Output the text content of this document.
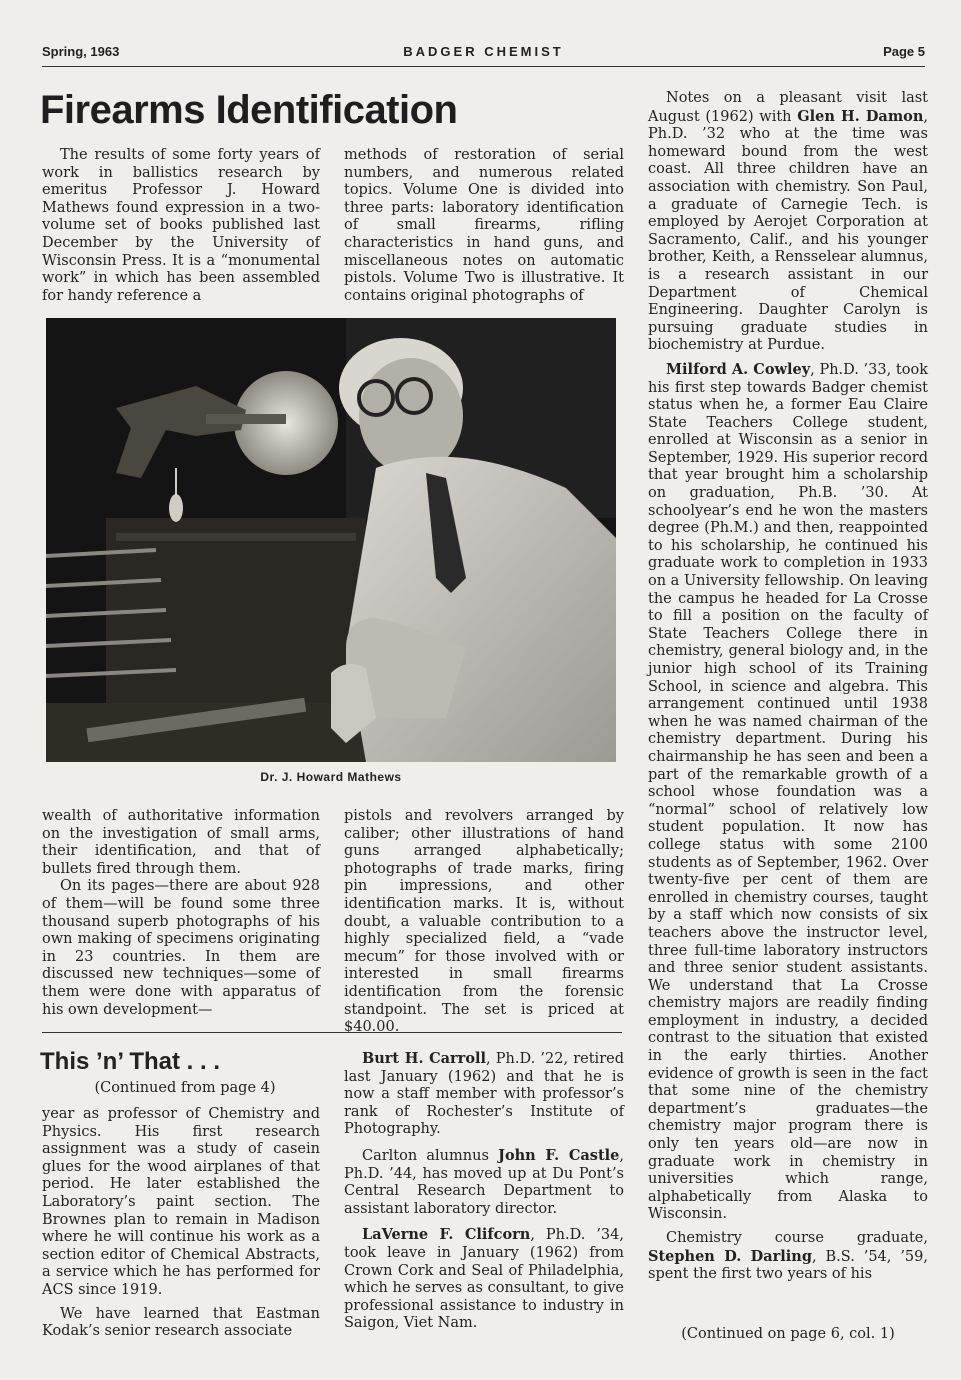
Spring, 1963	BADGER CHEMIST	Page 5
Firearms Identification

The results of some forty years of work in ballistics research by emeritus Professor J. Howard Mathews found expression in a two-volume set of books published last December by the University of Wisconsin Press. It is a “monumental work” in which has been assembled for handy reference a

methods of restoration of serial numbers, and numerous related topics. Volume One is divided into three parts: laboratory identification of small firearms, rifling characteristics in hand guns, and miscellaneous notes on automatic pistols. Volume Two is illustrative. It contains original photographs of

Dr. J. Howard Mathews

wealth of authoritative information on the investigation of small arms, their identification, and that of bullets fired through them.

On its pages—there are about 928 of them—will be found some three thousand superb photographs of his own making of specimens originating in 23 countries. In them are discussed new techniques—some of them were done with apparatus of his own development—

pistols and revolvers arranged by caliber; other illustrations of hand guns arranged alphabetically; photographs of trade marks, firing pin impressions, and other identification marks. It is, without doubt, a valuable contribution to a highly specialized field, a “vade mecum” for those involved with or interested in small firearms identification from the forensic standpoint. The set is priced at $40.00.

This ’n’ That . . .
(Continued from page 4)

year as professor of Chemistry and Physics. His first research assignment was a study of casein glues for the wood airplanes of that period. He later established the Laboratory’s paint section. The Brownes plan to remain in Madison where he will continue his work as a section editor of Chemical Abstracts, a service which he has performed for ACS since 1919.

We have learned that Eastman Kodak’s senior research associate

Burt H. Carroll, Ph.D. ’22, retired last January (1962) and that he is now a staff member with professor’s rank of Rochester’s Institute of Photography.

Carlton alumnus John F. Castle, Ph.D. ’44, has moved up at Du Pont’s Central Research Department to assistant laboratory director.

LaVerne F. Clifcorn, Ph.D. ’34, took leave in January (1962) from Crown Cork and Seal of Philadelphia, which he serves as consultant, to give professional assistance to industry in Saigon, Viet Nam.

Notes on a pleasant visit last August (1962) with Glen H. Damon, Ph.D. ’32 who at the time was homeward bound from the west coast. All three children have an association with chemistry. Son Paul, a graduate of Carnegie Tech. is employed by Aerojet Corporation at Sacramento, Calif., and his younger brother, Keith, a Rensselear alumnus, is a research assistant in our Department of Chemical Engineering. Daughter Carolyn is pursuing graduate studies in biochemistry at Purdue.

Milford A. Cowley, Ph.D. ’33, took his first step towards Badger chemist status when he, a former Eau Claire State Teachers College student, enrolled at Wisconsin as a senior in September, 1929. His superior record that year brought him a scholarship on graduation, Ph.B. ’30. At schoolyear’s end he won the masters degree (Ph.M.) and then, reappointed to his scholarship, he continued his graduate work to completion in 1933 on a University fellowship. On leaving the campus he headed for La Crosse to fill a position on the faculty of State Teachers College there in chemistry, general biology and, in the junior high school of its Training School, in science and algebra. This arrangement continued until 1938 when he was named chairman of the chemistry department. During his chairmanship he has seen and been a part of the remarkable growth of a school whose foundation was a “normal” school of relatively low student population. It now has college status with some 2100 students as of September, 1962. Over twenty-five per cent of them are enrolled in chemistry courses, taught by a staff which now consists of six teachers above the instructor level, three full-time laboratory instructors and three senior student assistants. We understand that La Crosse chemistry majors are readily finding employment in industry, a decided contrast to the situation that existed in the early thirties. Another evidence of growth is seen in the fact that some nine of the chemistry department’s graduates—the chemistry major program there is only ten years old—are now in graduate work in chemistry in universities which range, alphabetically from Alaska to Wisconsin.

Chemistry course graduate, Stephen D. Darling, B.S. ’54, ’59, spent the first two years of his

(Continued on page 6, col. 1)
